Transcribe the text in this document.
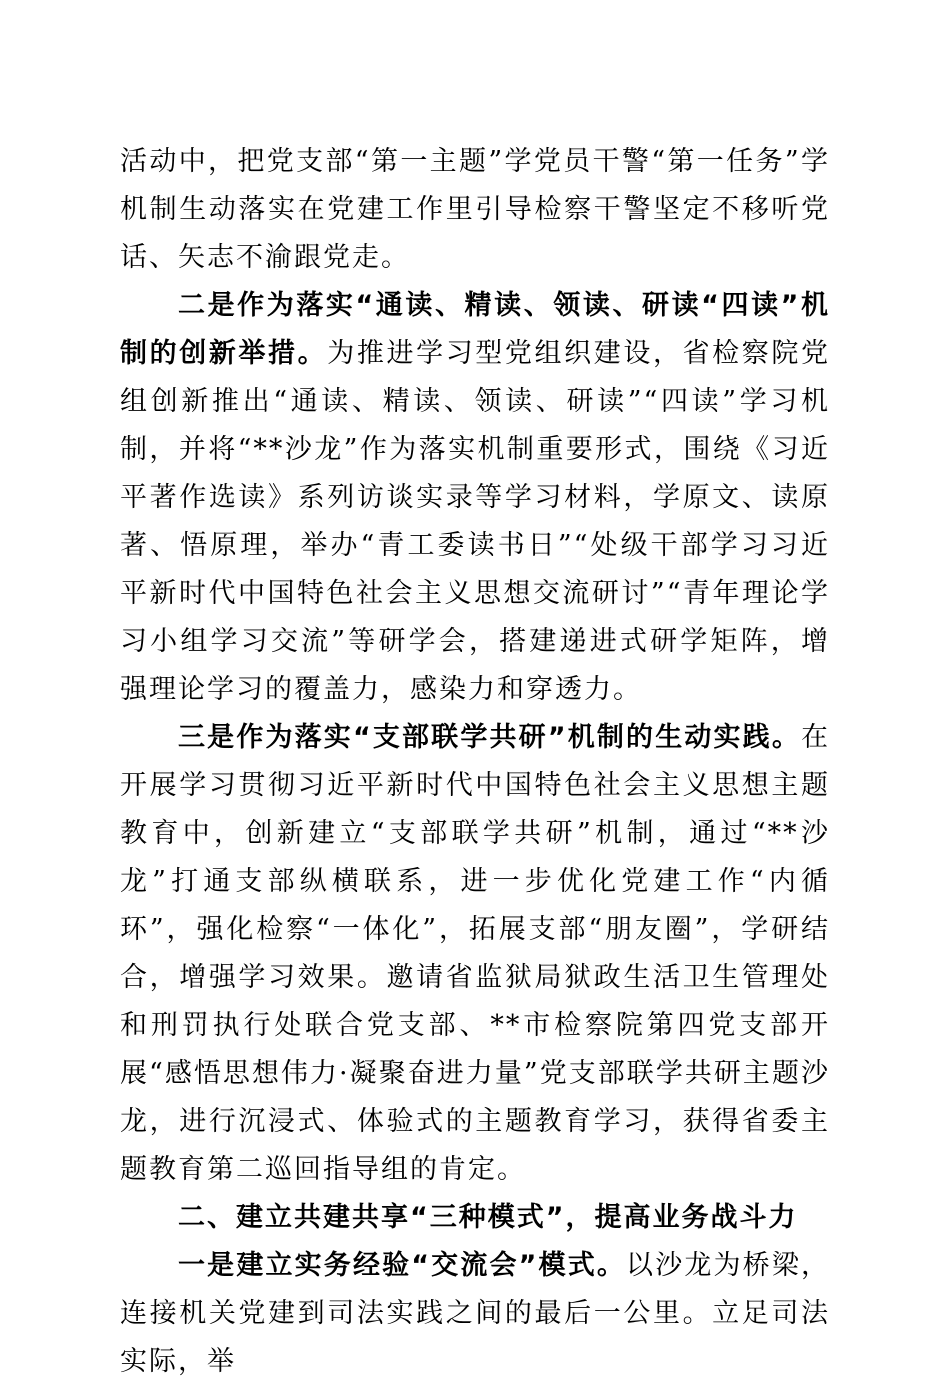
活动中，把党支部“第一主题”学党员干警“第一任务”学机制生动落实在党建工作里引导检察干警坚定不移听党话、矢志不渝跟党走。

二是作为落实“通读、精读、领读、研读“四读”机制的创新举措。为推进学习型党组织建设，省检察院党组创新推出“通读、精读、领读、研读”“四读”学习机制，并将“**沙龙”作为落实机制重要形式，围绕《习近平著作选读》系列访谈实录等学习材料，学原文、读原著、悟原理，举办“青工委读书日”“处级干部学习习近平新时代中国特色社会主义思想交流研讨”“青年理论学习小组学习交流”等研学会，搭建递进式研学矩阵，增强理论学习的覆盖力，感染力和穿透力。

三是作为落实“支部联学共研”机制的生动实践。在开展学习贯彻习近平新时代中国特色社会主义思想主题教育中，创新建立“支部联学共研”机制，通过“**沙龙”打通支部纵横联系，进一步优化党建工作“内循环”，强化检察“一体化”，拓展支部“朋友圈”，学研结合，增强学习效果。邀请省监狱局狱政生活卫生管理处和刑罚执行处联合党支部、**市检察院第四党支部开展“感悟思想伟力·凝聚奋进力量”党支部联学共研主题沙龙，进行沉浸式、体验式的主题教育学习，获得省委主题教育第二巡回指导组的肯定。

二、建立共建共享“三种模式”，提高业务战斗力

一是建立实务经验“交流会”模式。以沙龙为桥梁，连接机关党建到司法实践之间的最后一公里。立足司法实际，举
